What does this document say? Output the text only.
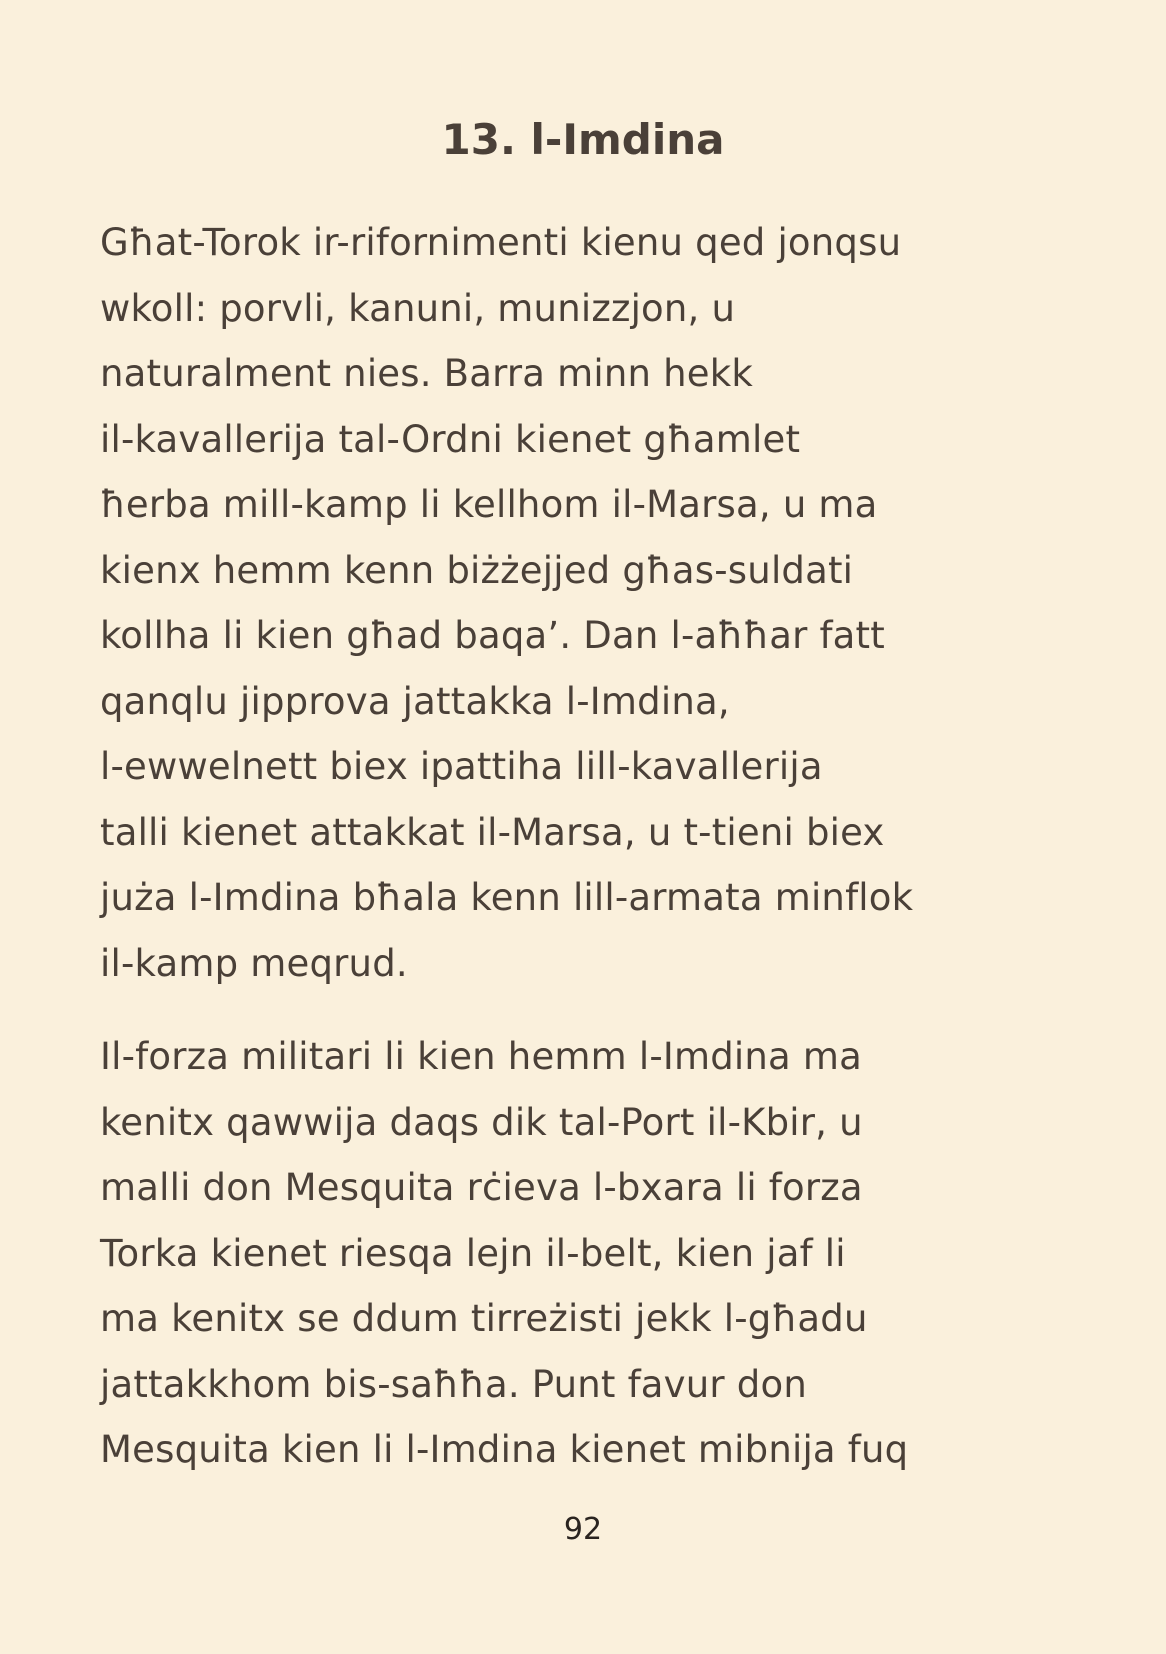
13. l-Imdina
Għat-Torok ir-rifornimenti kienu qed jonqsu
wkoll: porvli, kanuni, munizzjon, u
naturalment nies. Barra minn hekk
il-kavallerija tal-Ordni kienet għamlet
ħerba mill-kamp li kellhom il-Marsa, u ma
kienx hemm kenn biżżejjed għas-suldati
kollha li kien għad baqa’. Dan l-aħħar fatt
qanqlu jipprova jattakka l-Imdina,
l-ewwelnett biex ipattiha lill-kavallerija
talli kienet attakkat il-Marsa, u t-tieni biex
juża l-Imdina bħala kenn lill-armata minflok
il-kamp meqrud.
Il-forza militari li kien hemm l-Imdina ma
kenitx qawwija daqs dik tal-Port il-Kbir, u
malli don Mesquita rċieva l-bxara li forza
Torka kienet riesqa lejn il-belt, kien jaf li
ma kenitx se ddum tirreżisti jekk l-għadu
jattakkhom bis-saħħa. Punt favur don
Mesquita kien li l-Imdina kienet mibnija fuq
92
